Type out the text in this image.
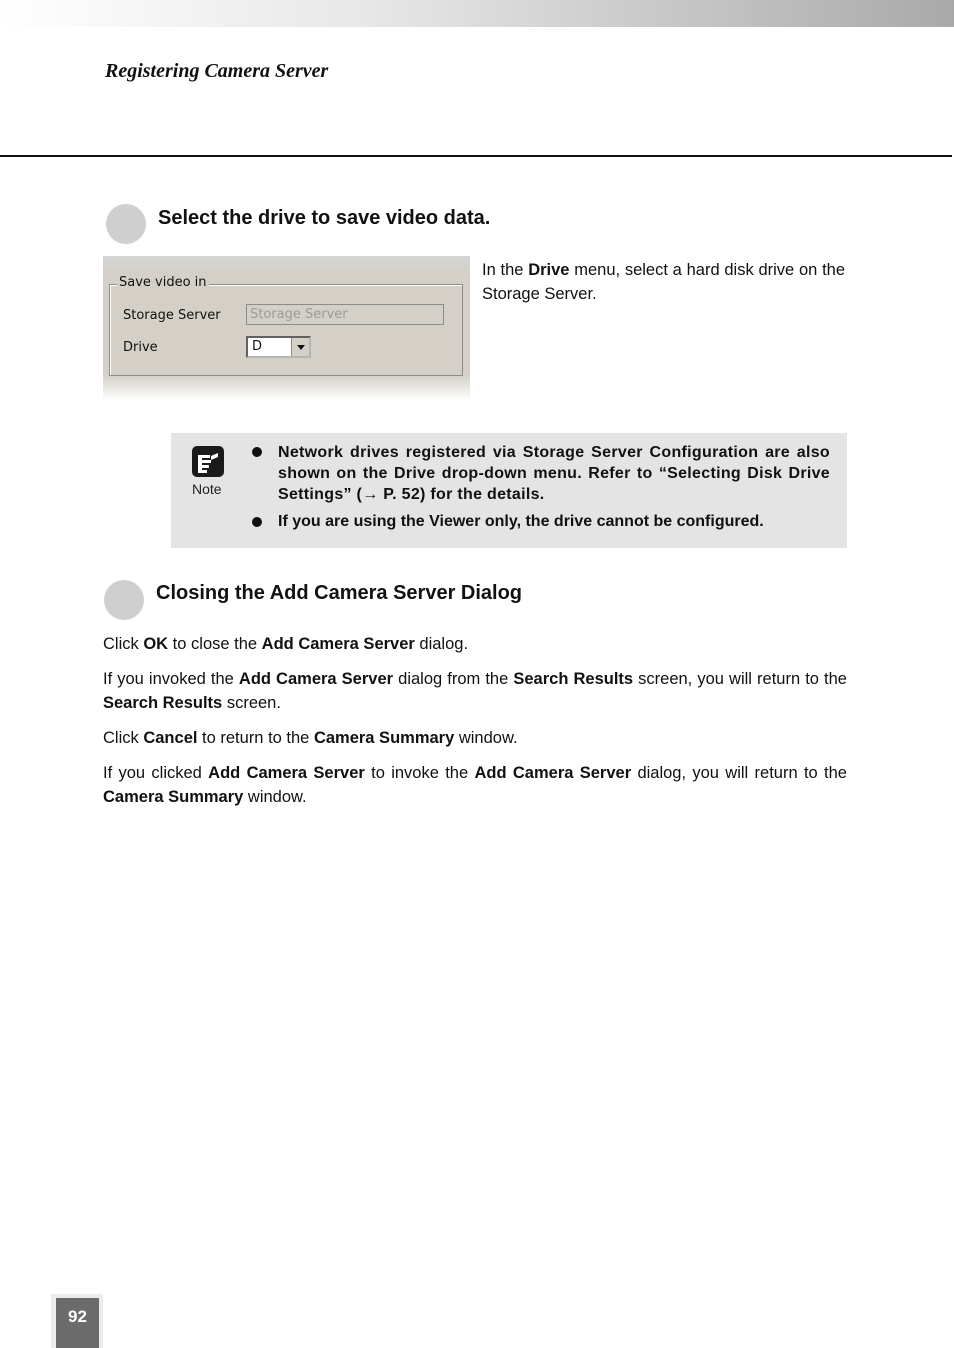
Registering Camera Server
Select the drive to save video data.
Save video in
Storage Server	Storage Server
Drive	D
In the Drive menu, select a hard disk drive on the Storage Server.
Note
Network drives registered via Storage Server Configuration are also shown on the Drive drop-down menu. Refer to “Selecting Disk Drive Settings” (→ P. 52) for the details.
If you are using the Viewer only, the drive cannot be configured.
Closing the Add Camera Server Dialog
Click OK to close the Add Camera Server dialog.
If you invoked the Add Camera Server dialog from the Search Results screen, you will return to the Search Results screen.
Click Cancel to return to the Camera Summary window.
If you clicked Add Camera Server to invoke the Add Camera Server dialog, you will return to the Camera Summary window.
92
